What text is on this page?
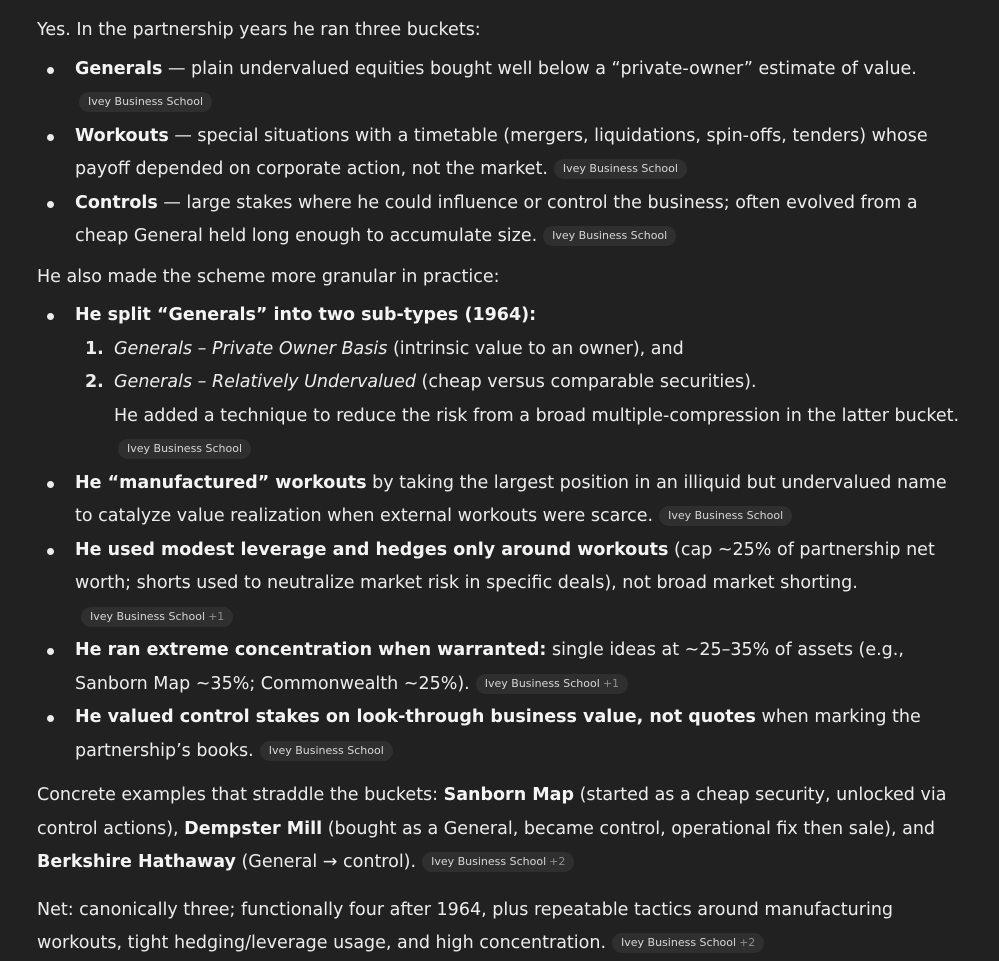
Yes. In the partnership years he ran three buckets:

Generals — plain undervalued equities bought well below a “private-owner” estimate of value.
Ivey Business School
Workouts — special situations with a timetable (mergers, liquidations, spin-offs, tenders) whose payoff depended on corporate action, not the market. Ivey Business School
Controls — large stakes where he could influence or control the business; often evolved from a cheap General held long enough to accumulate size. Ivey Business School

He also made the scheme more granular in practice:

He split “Generals” into two sub-types (1964):
1. Generals – Private Owner Basis (intrinsic value to an owner), and
2. Generals – Relatively Undervalued (cheap versus comparable securities).
He added a technique to reduce the risk from a broad multiple-compression in the latter bucket.
Ivey Business School
He “manufactured” workouts by taking the largest position in an illiquid but undervalued name to catalyze value realization when external workouts were scarce. Ivey Business School
He used modest leverage and hedges only around workouts (cap ~25% of partnership net worth; shorts used to neutralize market risk in specific deals), not broad market shorting.Ivey Business School +1
He ran extreme concentration when warranted: single ideas at ~25–35% of assets (e.g., Sanborn Map ~35%; Commonwealth ~25%). Ivey Business School +1
He valued control stakes on look-through business value, not quotes when marking the partnership’s books. Ivey Business School

Concrete examples that straddle the buckets: Sanborn Map (started as a cheap security, unlocked via control actions), Dempster Mill (bought as a General, became control, operational fix then sale), and Berkshire Hathaway (General → control). Ivey Business School +2

Net: canonically three; functionally four after 1964, plus repeatable tactics around manufacturing workouts, tight hedging/leverage usage, and high concentration. Ivey Business School +2
